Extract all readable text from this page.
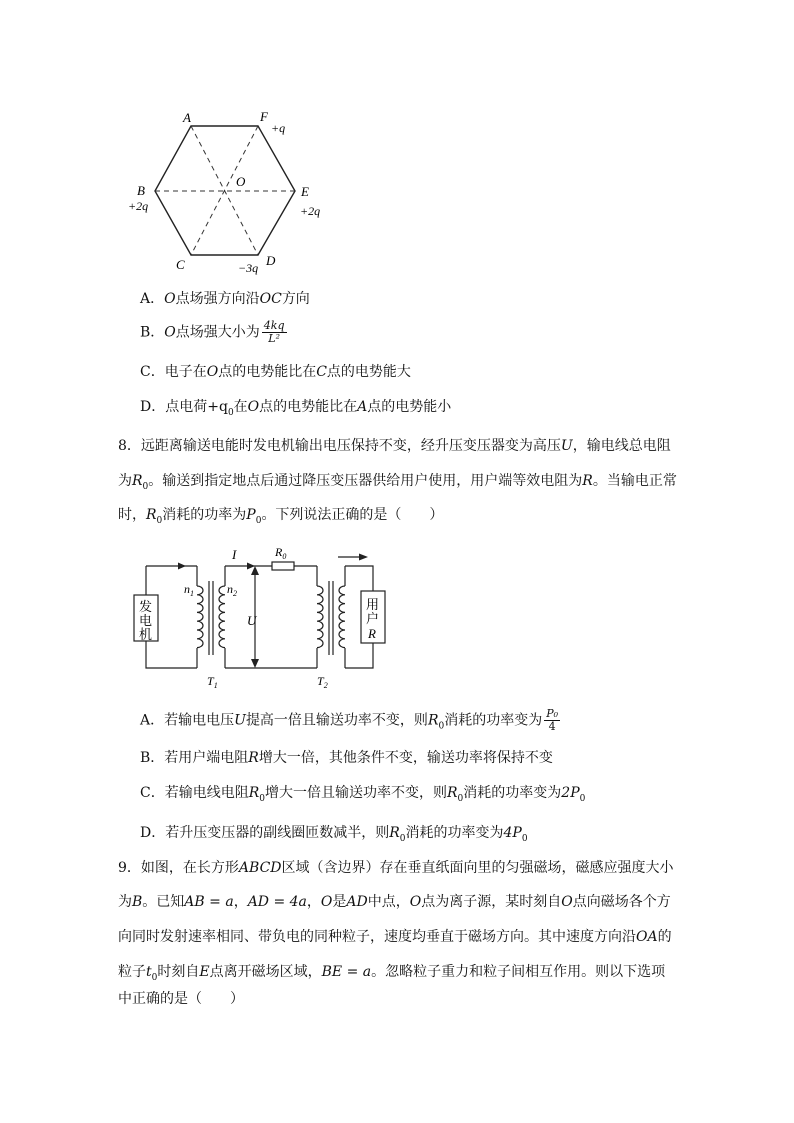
A	F
+q
B
+2q
O
E
+2q
C	−3q D
A．O点场强方向沿OC方向
B．O点场强大小为 $\frac{4kq}{\text{L²}}$
C．电子在O点的电势能比在C点的电势能大
D．点电荷$+q_0$在O点的电势能比在A点的电势能小
8．远距离输送电能时发电机输出电压保持不变，经升压变压器变为高压U，输电线总电阻
为$R_0$。输送到指定地点后通过降压变压器供给用户使用，用户端等效电阻为R。当输电正常
时，$R_0$消耗的功率为$P_0$。下列说法正确的是（　　）
发
电
机
用
户
R
$n_1$	$n_2$
I	$R_0$
U
$T_1$	$T_2$
A．若输电电压U提高一倍且输送功率不变，则$R_0$消耗的功率变为 $\frac{\text{P₀}}{4}$
B．若用户端电阻R增大一倍，其他条件不变，输送功率将保持不变
C．若输电线电阻$R_0$增大一倍且输送功率不变，则$R_0$消耗的功率变为$2P_0$
D．若升压变压器的副线圈匝数减半，则$R_0$消耗的功率变为$4P_0$
9．如图，在长方形ABCD区域（含边界）存在垂直纸面向里的匀强磁场，磁感应强度大小
为B。已知AB = a，AD = 4a，O是AD中点，O点为离子源，某时刻自O点向磁场各个方
向同时发射速率相同、带负电的同种粒子，速度均垂直于磁场方向。其中速度方向沿OA的
粒子$t_0$时刻自E点离开磁场区域，BE = a。忽略粒子重力和粒子间相互作用。则以下选项
中正确的是（　　）
